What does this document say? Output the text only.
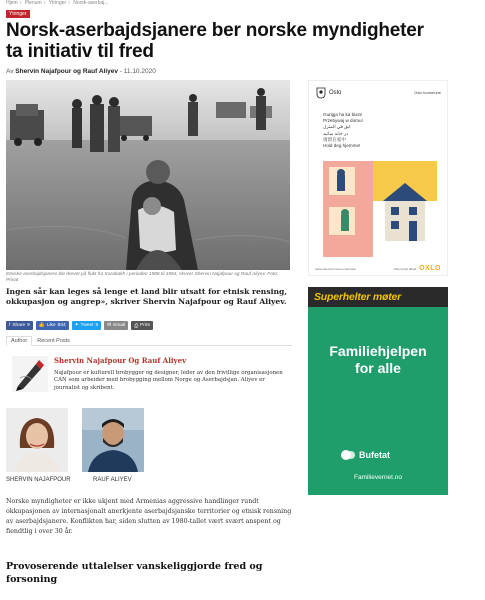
Hjem › Plenum › Ytringer › Norsk-aserbaj...
Ytringer
Norsk-aserbajdsjanere ber norske myndigheter ta initiativ til fred
Av Shervin Najafpour og Rauf Aliyev - 11.10.2020
Etniske aserbajdsjanere ble drevet på flukt fra Karabakh i perioden 1988 til 1994, skriver Shervin Najafpour og Rauf Aliyev. Foto: Privat

Ingen sår kan leges så lenge et land blir utsatt for etnisk rensing, okkupasjon og angrep», skriver Shervin Najafpour og Rauf Aliyev.

f Share 9 👍 Like 834 ✦ Tweet 5 ✉ Email ⎙ Print
Author	Recent Posts
Shervin Najafpour Og Rauf Aliyev
Najafpour er kulturell brobygger og designer, leder av den frivillige organisasjonen CAN som arbeider med brobygging mellom Norge og Aserbajdsjan. Aliyev er journalist og skribent.
SHERVIN NAJAFPOUR	RAUF ALIYEV

Norske myndigheter er ikke ukjent med Armenias aggressive handlinger rundt okkupasjonen av internasjonalt anerkjente aserbajdsjanske territorier og etnisk rensning av aserbajdsjanere. Konflikten har, siden slutten av 1980-tallet vært svært anspent og fiendtlig i over 30 år.

Provoserende uttalelser vanskeliggjorde fred og forsoning
Oslo	Oslo kommune
Gurigja ha ka bixin!
Przebywaj w domu!
ابق في المنزل
در خانه بمانید
请留在家中
Hold deg hjemme!
www.oslo.kommune.no/korona	Oslo byrett tilbud OXLO
Superhelter møter
Familiehjelpen
for alle
Bufetat
Familievernet.no
